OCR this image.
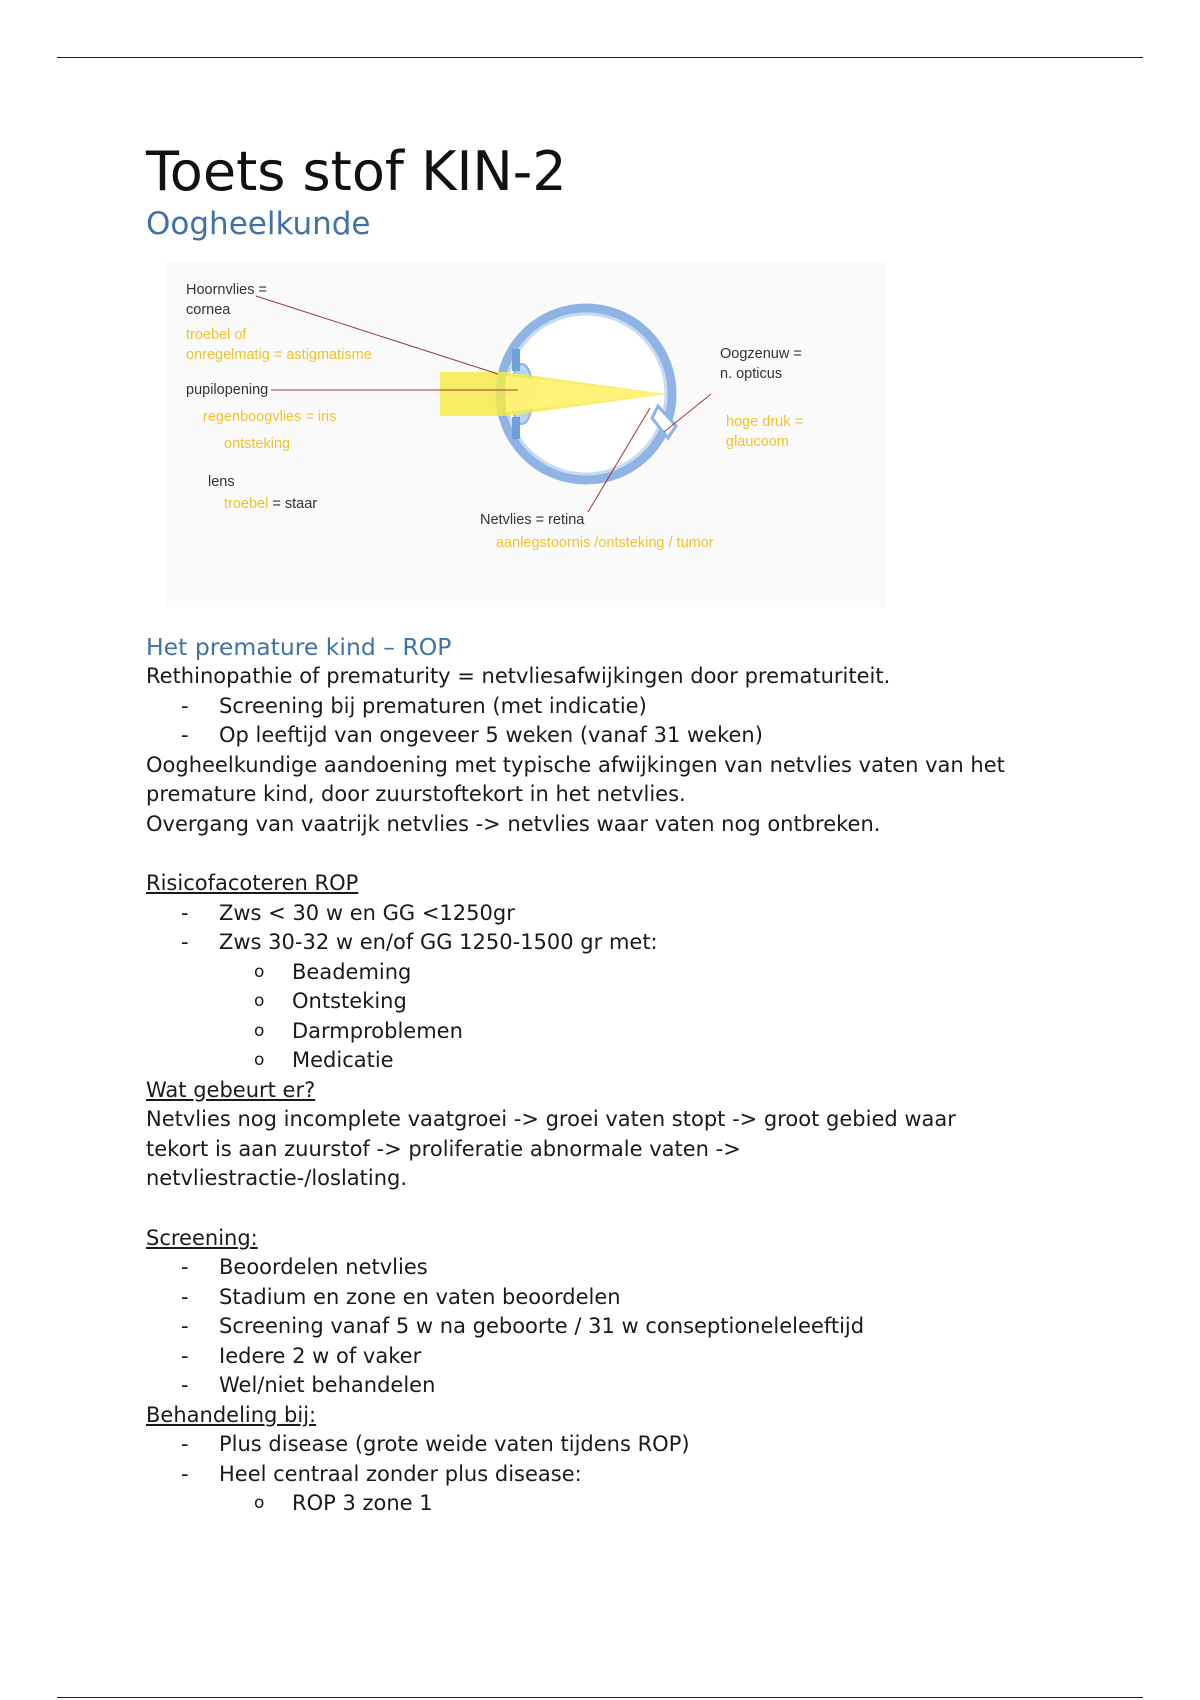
Toets stof KIN-2
Oogheelkunde
Hoornvlies =
cornea
troebel of
onregelmatig = astigmatisme
pupilopening
regenboogvlies = iris
ontsteking
lens
troebel = staar
Oogzenuw =
n. opticus
hoge druk =
glaucoom
Netvlies = retina
aanlegstoornis /ontsteking / tumor
Het premature kind – ROP

Rethinopathie of prematurity = netvliesafwijkingen door prematuriteit.

- Screening bij prematuren (met indicatie)
- Op leeftijd van ongeveer 5 weken (vanaf 31 weken)

Oogheelkundige aandoening met typische afwijkingen van netvlies vaten van het premature kind, door zuurstoftekort in het netvlies.

Overgang van vaatrijk netvlies -> netvlies waar vaten nog ontbreken.

Risicofacoteren ROP
- Zws < 30 w en GG <1250gr
- Zws 30-32 w en/of GG 1250-1500 gr met:
o Beademing
o Ontsteking
o Darmproblemen
o Medicatie
Wat gebeurt er?

Netvlies nog incomplete vaatgroei -> groei vaten stopt -> groot gebied waar tekort is aan zuurstof -> proliferatie abnormale vaten -> netvliestractie-/loslating.

Screening:
- Beoordelen netvlies
- Stadium en zone en vaten beoordelen
- Screening vanaf 5 w na geboorte / 31 w conseptioneleleeftijd
- Iedere 2 w of vaker
- Wel/niet behandelen
Behandeling bij:
- Plus disease (grote weide vaten tijdens ROP)
- Heel centraal zonder plus disease:
o ROP 3 zone 1
